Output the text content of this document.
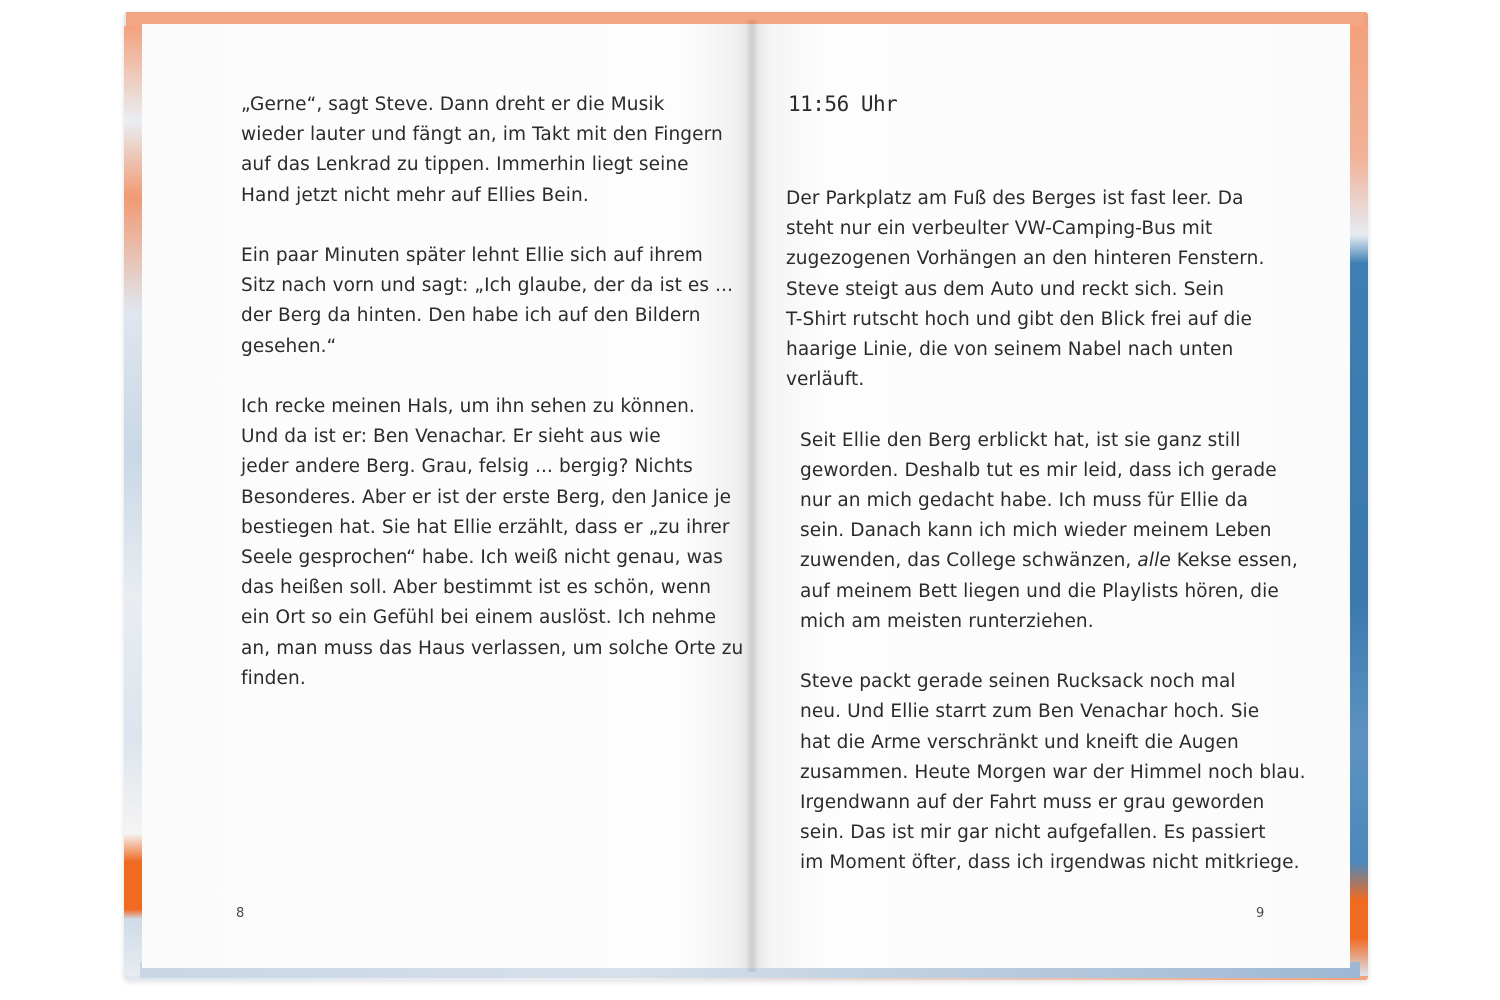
„Gerne“, sagt Steve. Dann dreht er die Musik
wieder lauter und fängt an, im Takt mit den Fingern
auf das Lenkrad zu tippen. Immerhin liegt seine
Hand jetzt nicht mehr auf Ellies Bein.

Ein paar Minuten später lehnt Ellie sich auf ihrem
Sitz nach vorn und sagt: „Ich glaube, der da ist es ...
der Berg da hinten. Den habe ich auf den Bildern
gesehen.“

Ich recke meinen Hals, um ihn sehen zu können.
Und da ist er: Ben Venachar. Er sieht aus wie
jeder andere Berg. Grau, felsig ... bergig? Nichts
Besonderes. Aber er ist der erste Berg, den Janice je
bestiegen hat. Sie hat Ellie erzählt, dass er „zu ihrer
Seele gesprochen“ habe. Ich weiß nicht genau, was
das heißen soll. Aber bestimmt ist es schön, wenn
ein Ort so ein Gefühl bei einem auslöst. Ich nehme
an, man muss das Haus verlassen, um solche Orte zu
finden.

8
11:56 Uhr

Der Parkplatz am Fuß des Berges ist fast leer. Da
steht nur ein verbeulter VW-Camping-Bus mit
zugezogenen Vorhängen an den hinteren Fenstern.
Steve steigt aus dem Auto und reckt sich. Sein
T-Shirt rutscht hoch und gibt den Blick frei auf die
haarige Linie, die von seinem Nabel nach unten
verläuft.

Seit Ellie den Berg erblickt hat, ist sie ganz still
geworden. Deshalb tut es mir leid, dass ich gerade
nur an mich gedacht habe. Ich muss für Ellie da
sein. Danach kann ich mich wieder meinem Leben
zuwenden, das College schwänzen, alle Kekse essen,
auf meinem Bett liegen und die Playlists hören, die
mich am meisten runterziehen.

Steve packt gerade seinen Rucksack noch mal
neu. Und Ellie starrt zum Ben Venachar hoch. Sie
hat die Arme verschränkt und kneift die Augen
zusammen. Heute Morgen war der Himmel noch blau.
Irgendwann auf der Fahrt muss er grau geworden
sein. Das ist mir gar nicht aufgefallen. Es passiert
im Moment öfter, dass ich irgendwas nicht mitkriege.

9
